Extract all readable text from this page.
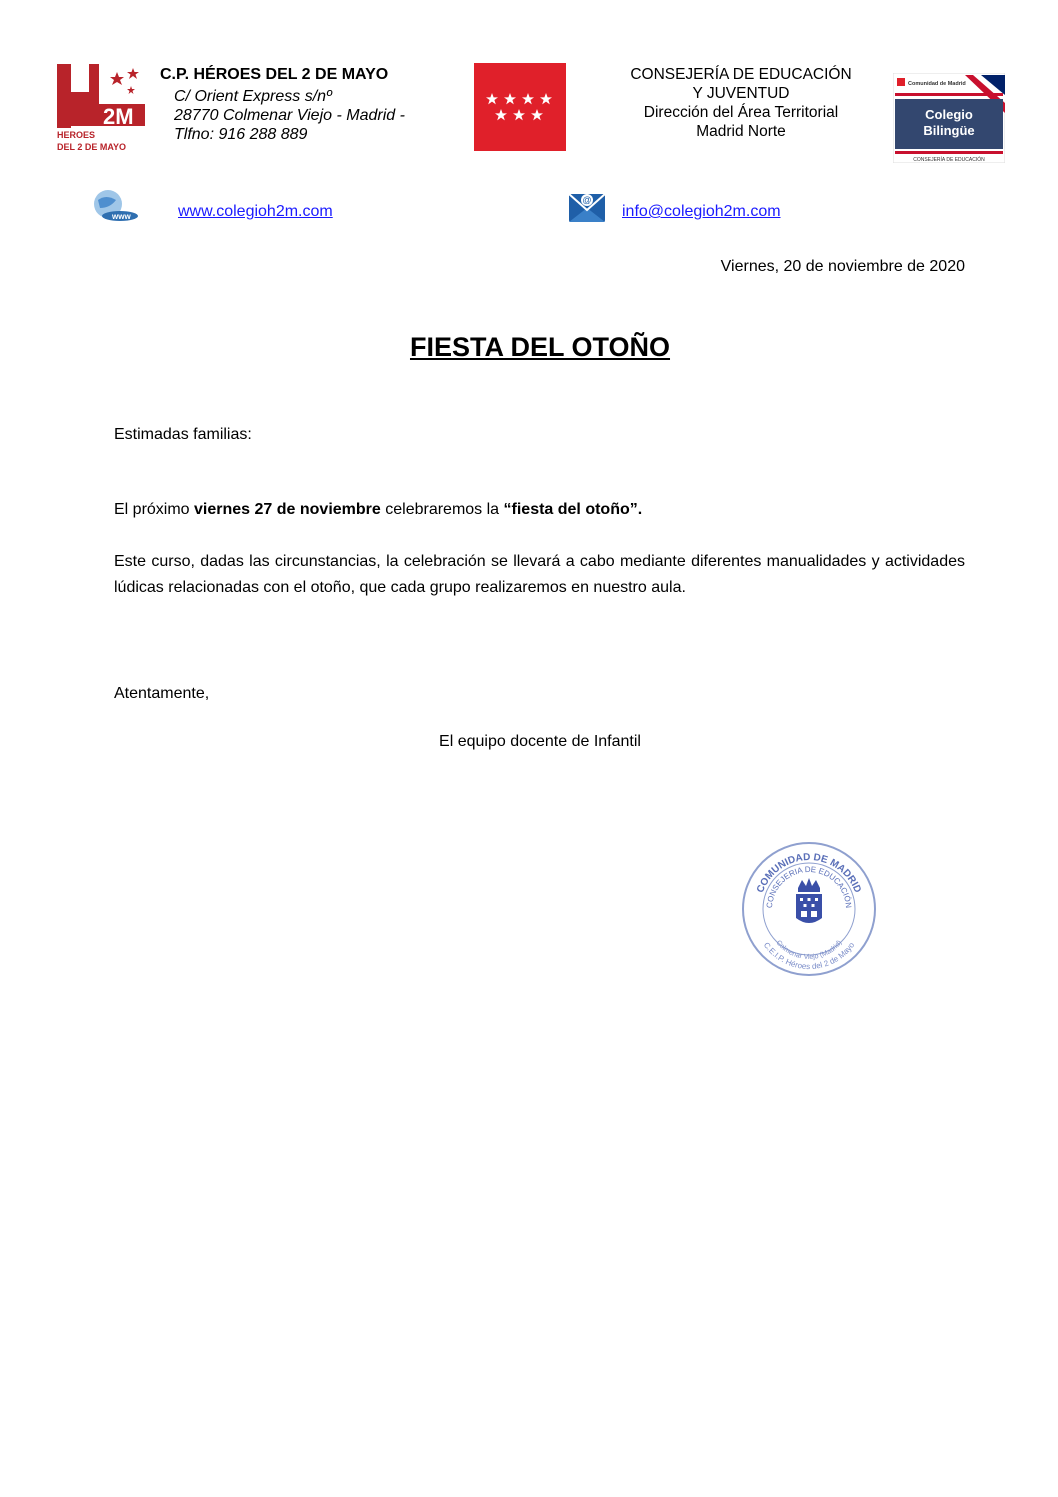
2M
HEROES
DEL 2 DE MAYO
C.P. HÉROES DEL 2 DE MAYO
C/ Orient Express s/nº
28770 Colmenar Viejo - Madrid -
Tlfno: 916 288 889
CONSEJERÍA DE EDUCACIÓN
Y JUVENTUD
Dirección del Área Territorial
Madrid Norte
Comunidad de Madrid
Colegio
Bilingüe
CONSEJERÍA DE EDUCACIÓN
www	www.colegioh2m.com
@
info@colegioh2m.com
Viernes, 20 de noviembre de 2020
FIESTA DEL OTOÑO
Estimadas familias:
El próximo viernes 27 de noviembre celebraremos la “fiesta del otoño”.
Este curso, dadas las circunstancias, la celebración se llevará a cabo mediante diferentes manualidades y actividades lúdicas relacionadas con el otoño, que cada grupo realizaremos en nuestro aula.
Atentamente,
El equipo docente de Infantil
COMUNIDAD DE MADRID
CONSEJERIA DE EDUCACIÓN
C.E.I.P. Héroes del 2 de Mayo
Colmenar Viejo (Madrid)
